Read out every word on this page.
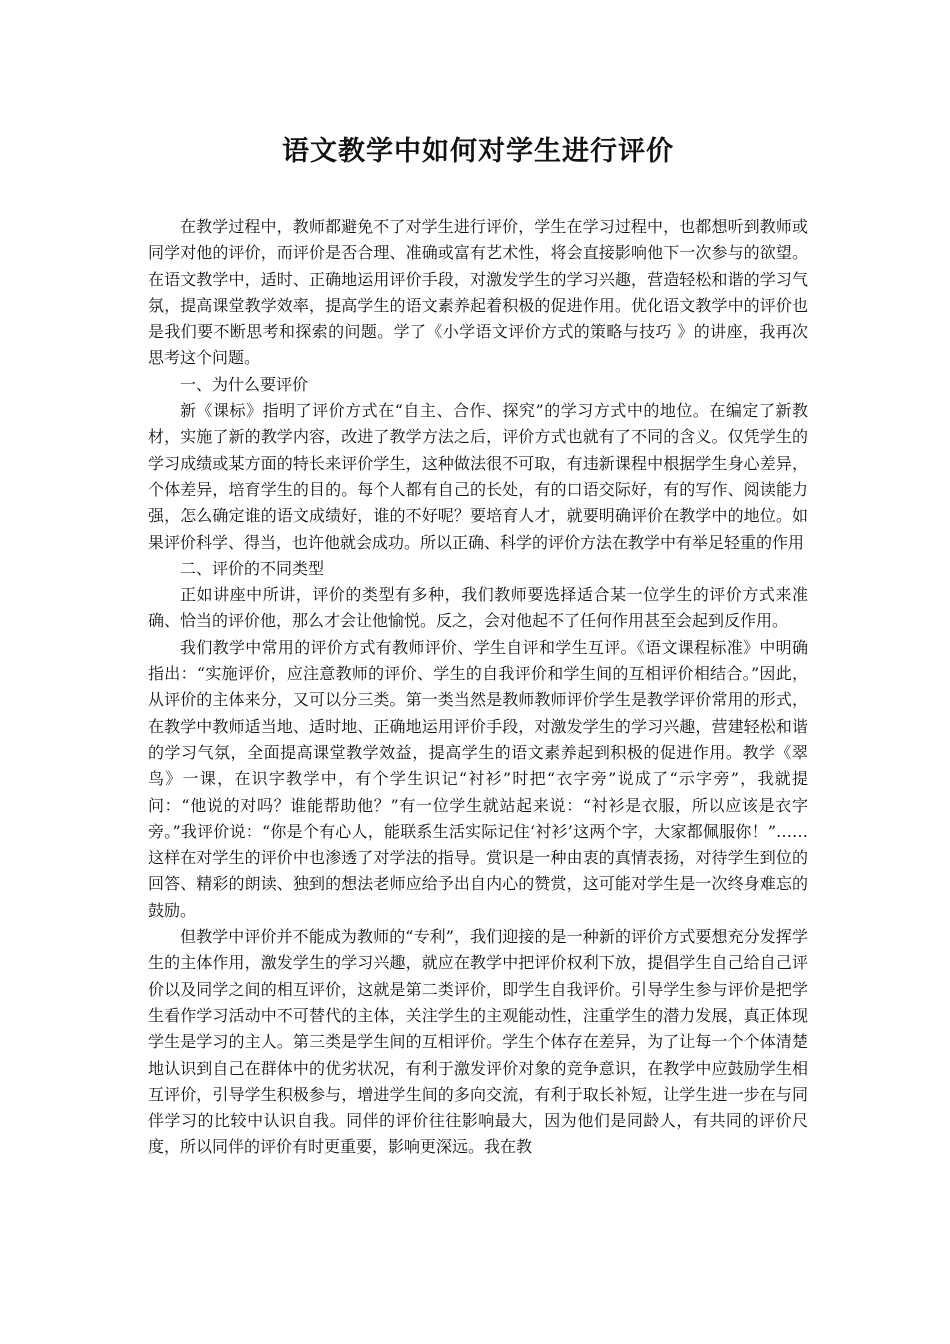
语文教学中如何对学生进行评价

在教学过程中，教师都避免不了对学生进行评价，学生在学习过程中，也都想听到教师或同学对他的评价，而评价是否合理、准确或富有艺术性，将会直接影响他下一次参与的欲望。在语文教学中，适时、正确地运用评价手段，对激发学生的学习兴趣，营造轻松和谐的学习气氛，提高课堂教学效率，提高学生的语文素养起着积极的促进作用。优化语文教学中的评价也是我们要不断思考和探索的问题。学了《小学语文评价方式的策略与技巧 》的讲座，我再次思考这个问题。

一、为什么要评价

新《课标》指明了评价方式在“自主、合作、探究”的学习方式中的地位。在编定了新教材，实施了新的教学内容，改进了教学方法之后，评价方式也就有了不同的含义。仅凭学生的学习成绩或某方面的特长来评价学生，这种做法很不可取，有违新课程中根据学生身心差异，个体差异，培育学生的目的。每个人都有自己的长处，有的口语交际好，有的写作、阅读能力强，怎么确定谁的语文成绩好，谁的不好呢？要培育人才，就要明确评价在教学中的地位。如果评价科学、得当，也许他就会成功。所以正确、科学的评价方法在教学中有举足轻重的作用

二、评价的不同类型

正如讲座中所讲，评价的类型有多种，我们教师要选择适合某一位学生的评价方式来准确、恰当的评价他，那么才会让他愉悦。反之，会对他起不了任何作用甚至会起到反作用。

我们教学中常用的评价方式有教师评价、学生自评和学生互评。《语文课程标准》中明确指出：“实施评价，应注意教师的评价、学生的自我评价和学生间的互相评价相结合。”因此，从评价的主体来分，又可以分三类。第一类当然是教师教师评价学生是教学评价常用的形式，在教学中教师适当地、适时地、正确地运用评价手段，对激发学生的学习兴趣，营建轻松和谐的学习气氛，全面提高课堂教学效益，提高学生的语文素养起到积极的促进作用。教学《翠鸟》一课，在识字教学中，有个学生识记“衬衫”时把“衣字旁”说成了“示字旁”，我就提问：“他说的对吗？谁能帮助他？”有一位学生就站起来说：“衬衫是衣服，所以应该是衣字旁。”我评价说：“你是个有心人，能联系生活实际记住‘衬衫’这两个字，大家都佩服你！”……这样在对学生的评价中也渗透了对学法的指导。赏识是一种由衷的真情表扬，对待学生到位的回答、精彩的朗读、独到的想法老师应给予出自内心的赞赏，这可能对学生是一次终身难忘的鼓励。

但教学中评价并不能成为教师的“专利”，我们迎接的是一种新的评价方式要想充分发挥学生的主体作用，激发学生的学习兴趣，就应在教学中把评价权利下放，提倡学生自己给自己评价以及同学之间的相互评价，这就是第二类评价，即学生自我评价。引导学生参与评价是把学生看作学习活动中不可替代的主体，关注学生的主观能动性，注重学生的潜力发展，真正体现学生是学习的主人。第三类是学生间的互相评价。学生个体存在差异，为了让每一个个体清楚地认识到自己在群体中的优劣状况，有利于激发评价对象的竞争意识，在教学中应鼓励学生相互评价，引导学生积极参与，增进学生间的多向交流，有利于取长补短，让学生进一步在与同伴学习的比较中认识自我。同伴的评价往往影响最大，因为他们是同龄人，有共同的评价尺度，所以同伴的评价有时更重要，影响更深远。我在教
